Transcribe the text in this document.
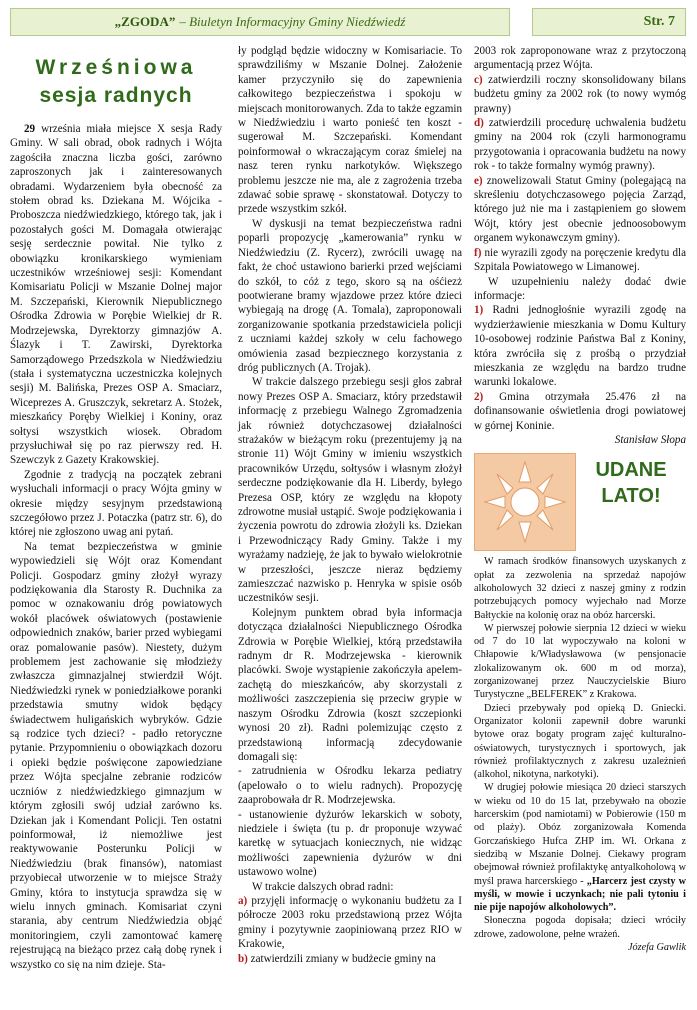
„ZGODA” – Biuletyn Informacyjny Gminy Niedźwiedź	Str. 7
Wrześniowa
sesja radnych

29 września miała miejsce X sesja Rady Gminy. W sali obrad, obok radnych i Wójta zagościła znaczna liczba gości, zarówno zaproszonych jak i zainteresowanych obradami. Wydarzeniem była obecność za stołem obrad ks. Dziekana M. Wójcika - Proboszcza niedźwiedzkiego, którego tak, jak i pozostałych gości M. Domagała otwierając sesję serdecznie powitał. Nie tylko z obowiązku kronikarskiego wymieniam uczestników wrześniowej sesji: Komendant Komisariatu Policji w Mszanie Dolnej major M. Szczepański, Kierownik Niepublicznego Ośrodka Zdrowia w Porębie Wielkiej dr R. Modrzejewska, Dyrektorzy gimnazjów A. Ślazyk i T. Zawirski, Dyrektorka Samorządowego Przedszkola w Niedźwiedziu (stała i systematyczna uczestniczka kolejnych sesji) M. Balińska, Prezes OSP A. Smaciarz, Wiceprezes A. Gruszczyk, sekretarz A. Stożek, mieszkańcy Poręby Wielkiej i Koniny, oraz sołtysi wszystkich wiosek. Obradom przysłuchiwał się po raz pierwszy red. H. Szewczyk z Gazety Krakowskiej.

Zgodnie z tradycją na początek zebrani wysłuchali informacji o pracy Wójta gminy w okresie między sesyjnym przedstawioną szczegółowo przez J. Potaczka (patrz str. 6), do której nie zgłoszono uwag ani pytań.

Na temat bezpieczeństwa w gminie wypowiedzieli się Wójt oraz Komendant Policji. Gospodarz gminy złożył wyrazy podziękowania dla Starosty R. Duchnika za pomoc w oznakowaniu dróg powiatowych wokół placówek oświatowych (postawienie odpowiednich znaków, barier przed wybiegami oraz pomalowanie pasów). Niestety, dużym problemem jest zachowanie się młodzieży zwłaszcza gimnazjalnej stwierdził Wójt. Niedźwiedzki rynek w poniedziałkowe poranki przedstawia smutny widok będący świadectwem huligańskich wybryków. Gdzie są rodzice tych dzieci? - padło retoryczne pytanie. Przypomnieniu o obowiązkach dozoru i opieki będzie poświęcone zapowiedziane przez Wójta specjalne zebranie rodziców uczniów z niedźwiedzkiego gimnazjum w którym zgłosili swój udział zarówno ks. Dziekan jak i Komendant Policji. Ten ostatni poinformował, iż niemożliwe jest reaktywowanie Posterunku Policji w Niedźwiedziu (brak finansów), natomiast przyobiecał utworzenie w to miejsce Straży Gminy, która to instytucja sprawdza się w wielu innych gminach. Komisariat czyni starania, aby centrum Niedźwiedzia objąć monitoringiem, czyli zamontować kamerę rejestrującą na bieżąco przez całą dobę rynek i wszystko co się na nim dzieje. Sta-

ły podgląd będzie widoczny w Komisariacie. To sprawdziliśmy w Mszanie Dolnej. Założenie kamer przyczyniło się do zapewnienia całkowitego bezpieczeństwa i spokoju w miejscach monitorowanych. Zda to także egzamin w Niedźwiedziu i warto ponieść ten koszt - sugerował M. Szczepański. Komendant poinformował o wkraczającym coraz śmielej na nasz teren rynku narkotyków. Większego problemu jeszcze nie ma, ale z zagrożenia trzeba zdawać sobie sprawę - skonstatował. Dotyczy to przede wszystkim szkół.

W dyskusji na temat bezpieczeństwa radni poparli propozycję „kamerowania” rynku w Niedźwiedziu (Z. Rycerz), zwrócili uwagę na fakt, że choć ustawiono barierki przed wejściami do szkół, to cóż z tego, skoro są na ośćiezż pootwierane bramy wjazdowe przez które dzieci wybiegają na drogę (A. Tomala), zaproponowali zorganizowanie spotkania przedstawiciela policji z uczniami każdej szkoły w celu fachowego omówienia zasad bezpiecznego korzystania z dróg publicznych (A. Trojak).

W trakcie dalszego przebiegu sesji głos zabrał nowy Prezes OSP A. Smaciarz, który przedstawił informację z przebiegu Walnego Zgromadzenia jak również dotychczasowej działalności strażaków w bieżącym roku (prezentujemy ją na stronie 11) Wójt Gminy w imieniu wszystkich pracowników Urzędu, sołtysów i własnym złożył serdeczne podziękowanie dla H. Liberdy, byłego Prezesa OSP, który ze względu na kłopoty zdrowotne musiał ustąpić. Swoje podziękowania i życzenia powrotu do zdrowia złożyli ks. Dziekan i Przewodniczący Rady Gminy. Także i my wyrażamy nadzieję, że jak to bywało wielokrotnie w przeszłości, jeszcze nieraz będziemy zamieszczać nazwisko p. Henryka w spisie osób uczestników sesji.

Kolejnym punktem obrad była informacja dotycząca działalności Niepublicznego Ośrodka Zdrowia w Porębie Wielkiej, którą przedstawiła radnym dr R. Modrzejewska - kierownik placówki. Swoje wystąpienie zakończyła apelem-zachętą do mieszkańców, aby skorzystali z możliwości zaszczepienia się przeciw grypie w naszym Ośrodku Zdrowia (koszt szczepionki wynosi 20 zł). Radni polemizując często z przedstawioną informacją zdecydowanie domagali się:

- zatrudnienia w Ośrodku lekarza pediatry (apelowało o to wielu radnych). Propozycję zaaprobowała dr R. Modrzejewska.

- ustanowienie dyżurów lekarskich w soboty, niedziele i święta (tu p. dr proponuje wzywać karetkę w sytuacjach koniecznych, nie widząc możliwości zapewnienia dyżurów w dni ustawowo wolne)

W trakcie dalszych obrad radni:

a) przyjęli informację o wykonaniu budżetu za I półrocze 2003 roku przedstawioną przez Wójta gminy i pozytywnie zaopiniowaną przez RIO w Krakowie,

b) zatwierdzili zmiany w budżecie gminy na

2003 rok zaproponowane wraz z przytoczoną argumentacją przez Wójta.

c) zatwierdzili roczny skonsolidowany bilans budżetu gminy za 2002 rok (to nowy wymóg prawny)

d) zatwierdzili procedurę uchwalenia budżetu gminy na 2004 rok (czyli harmonogramu przygotowania i opracowania budżetu na nowy rok - to także formalny wymóg prawny).

e) znowelizowali Statut Gminy (polegającą na skreśleniu dotychczasowego pojęcia Zarząd, którego już nie ma i zastąpieniem go słowem Wójt, który jest obecnie jednoosobowym organem wykonawczym gminy).

f) nie wyrazili zgody na poręczenie kredytu dla Szpitala Powiatowego w Limanowej.

W uzupełnieniu należy dodać dwie informacje:

1) Radni jednogłośnie wyrazili zgodę na wydzierżawienie mieszkania w Domu Kultury 10-osobowej rodzinie Państwa Bal z Koniny, która zwróciła się z prośbą o przydział mieszkania ze względu na bardzo trudne warunki lokalowe.

2) Gmina otrzymała 25.476 zł na dofinansowanie oświetlenia drogi powiatowej w górnej Koninie.

Stanisław Słopa

UDANE
LATO!

W ramach środków finansowych uzyskanych z opłat za zezwolenia na sprzedaż napojów alkoholowych 32 dzieci z naszej gminy z rodzin potrzebujących pomocy wyjechało nad Morze Bałtyckie na kolonię oraz na obóz harcerski.

W pierwszej połowie sierpnia 12 dzieci w wieku od 7 do 10 lat wypoczywało na koloni w Chłapowie k/Władysławowa (w pensjonacie zlokalizowanym ok. 600 m od morza), zorganizowanej przez Nauczycielskie Biuro Turystyczne „BELFEREK” z Krakowa.

Dzieci przebywały pod opieką D. Gniecki. Organizator kolonii zapewnił dobre warunki bytowe oraz bogaty program zajęć kulturalno-oświatowych, turystycznych i sportowych, jak również profilaktycznych z zakresu uzależnień (alkohol, nikotyna, narkotyki).

W drugiej połowie miesiąca 20 dzieci starszych w wieku od 10 do 15 lat, przebywało na obozie harcerskim (pod namiotami) w Pobierowie (150 m od plaży). Obóz zorganizowała Komenda Gorczańskiego Hufca ZHP im. Wł. Orkana z siedzibą w Mszanie Dolnej. Ciekawy program obejmował również profilaktykę antyalkoholową w myśl prawa harcerskiego - „Harcerz jest czysty w myśli, w mowie i uczynkach; nie pali tytoniu i nie pije napojów alkoholowych”.

Słoneczna pogoda dopisała; dzieci wróciły zdrowe, zadowolone, pełne wrażeń.

Józefa Gawlik
